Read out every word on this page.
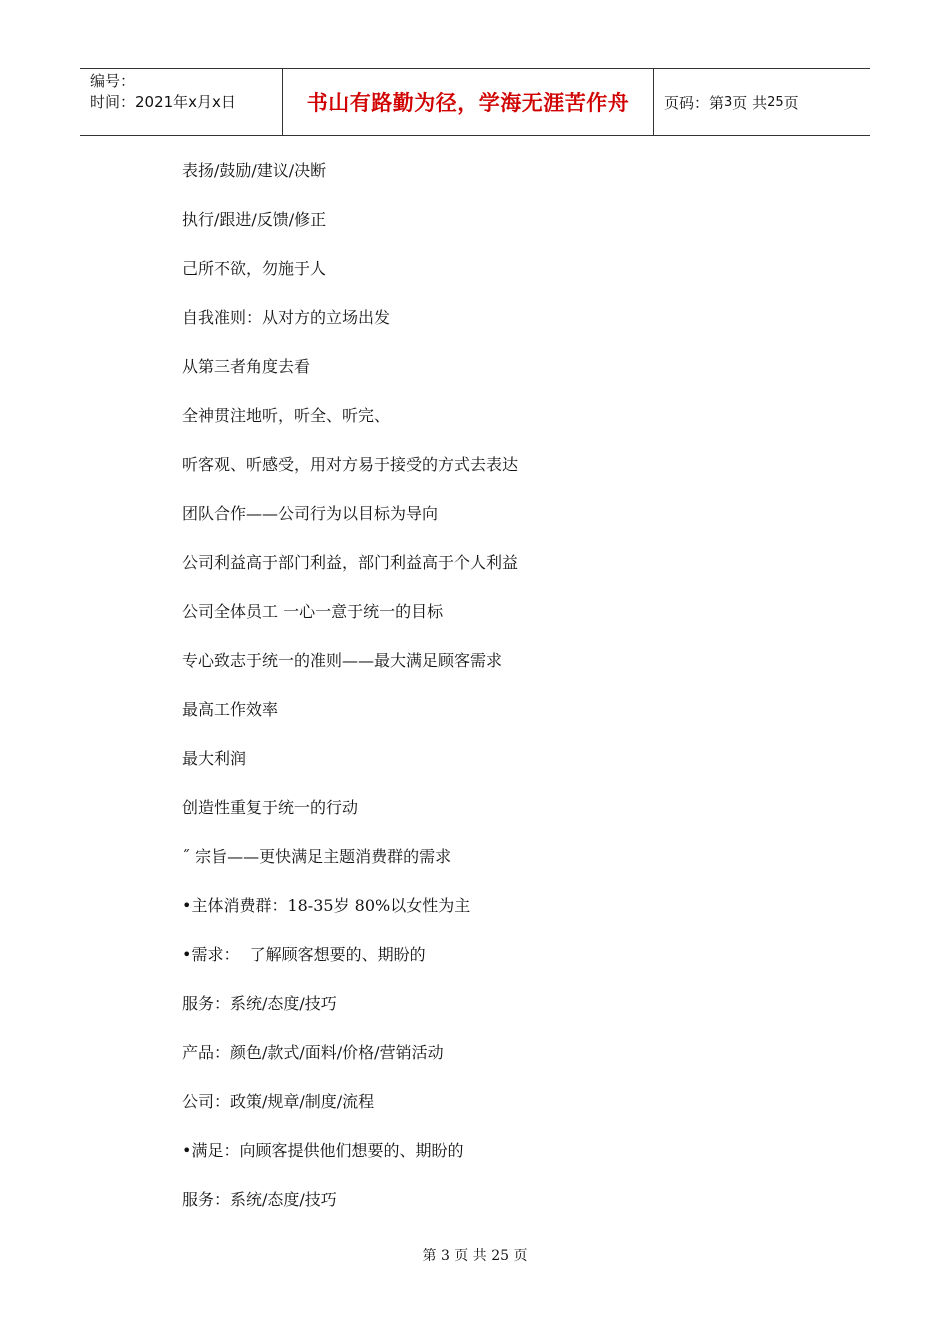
编号：
时间：2021年x月x日	书山有路勤为径，学海无涯苦作舟	页码：第 3 页 共 25 页
表扬/鼓励/建议/决断
执行/跟进/反馈/修正
己所不欲，勿施于人
自我准则：从对方的立场出发
从第三者角度去看
全神贯注地听，听全、听完、
听客观、听感受，用对方易于接受的方式去表达
团队合作——公司行为以目标为导向
公司利益高于部门利益，部门利益高于个人利益
公司全体员工 一心一意于统一的目标
专心致志于统一的准则——最大满足顾客需求
最高工作效率
最大利润
创造性重复于统一的行动
˝ 宗旨——更快满足主题消费群的需求
•主体消费群：18-35岁 80%以女性为主
•需求：  了解顾客想要的、期盼的
服务：系统/态度/技巧
产品：颜色/款式/面料/价格/营销活动
公司：政策/规章/制度/流程
•满足：向顾客提供他们想要的、期盼的
服务：系统/态度/技巧
第 3 页 共 25 页
